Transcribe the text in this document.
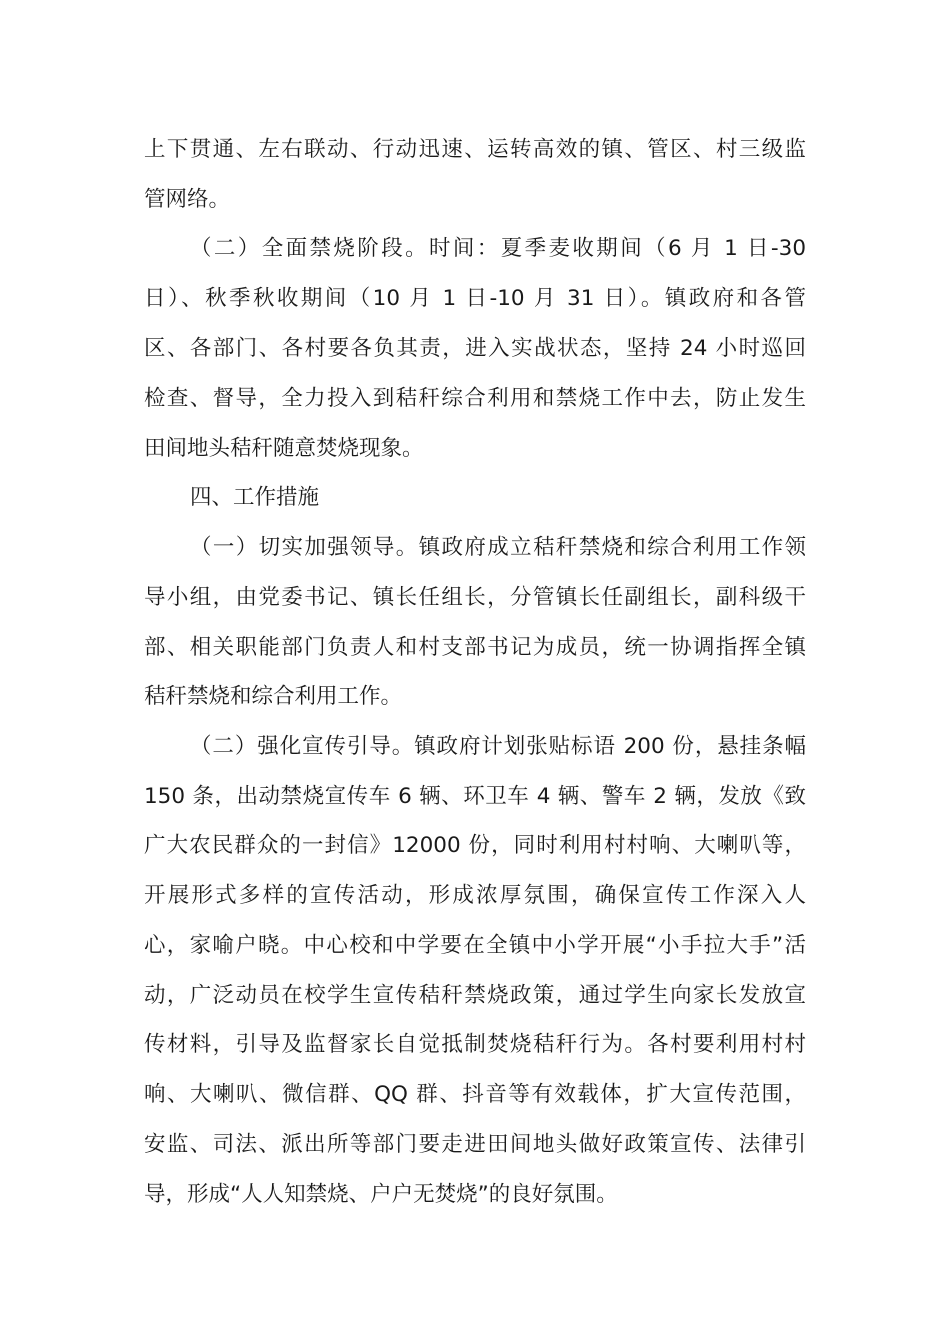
上下贯通、左右联动、行动迅速、运转高效的镇、管区、村三级监
管网络。
（二）全面禁烧阶段。时间：夏季麦收期间（6 月 1 日-30
日）、秋季秋收期间（10 月 1 日-10 月 31 日）。镇政府和各管
区、各部门、各村要各负其责，进入实战状态，坚持 24 小时巡回
检查、督导，全力投入到秸秆综合利用和禁烧工作中去，防止发生
田间地头秸秆随意焚烧现象。
四、工作措施
（一）切实加强领导。镇政府成立秸秆禁烧和综合利用工作领
导小组，由党委书记、镇长任组长，分管镇长任副组长，副科级干
部、相关职能部门负责人和村支部书记为成员，统一协调指挥全镇
秸秆禁烧和综合利用工作。
（二）强化宣传引导。镇政府计划张贴标语 200 份，悬挂条幅
150 条，出动禁烧宣传车 6 辆、环卫车 4 辆、警车 2 辆，发放《致
广大农民群众的一封信》12000 份，同时利用村村响、大喇叭等，
开展形式多样的宣传活动，形成浓厚氛围，确保宣传工作深入人
心，家喻户晓。中心校和中学要在全镇中小学开展“小手拉大手”活
动，广泛动员在校学生宣传秸秆禁烧政策，通过学生向家长发放宣
传材料，引导及监督家长自觉抵制焚烧秸秆行为。各村要利用村村
响、大喇叭、微信群、QQ 群、抖音等有效载体，扩大宣传范围，
安监、司法、派出所等部门要走进田间地头做好政策宣传、法律引
导，形成“人人知禁烧、户户无焚烧”的良好氛围。
